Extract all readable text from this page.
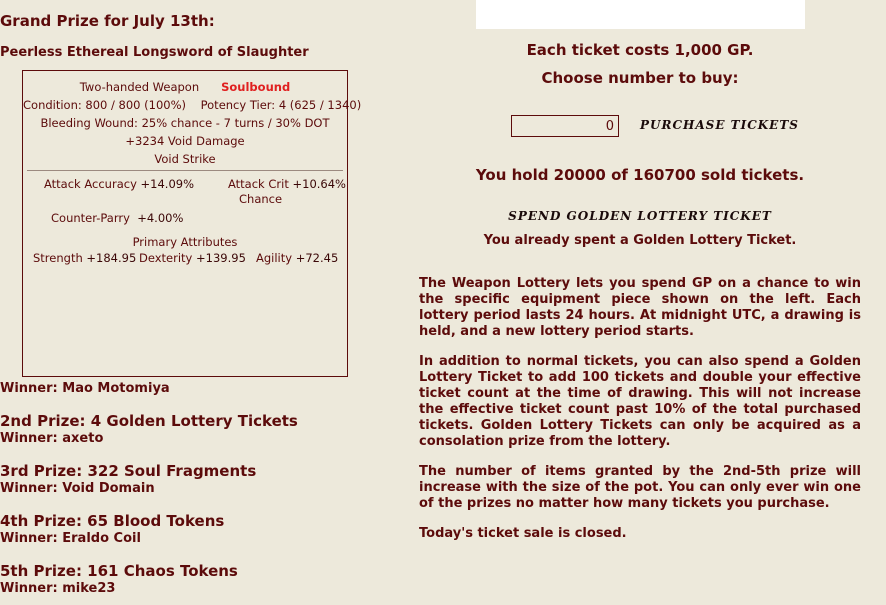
Grand Prize for July 13th:
Peerless Ethereal Longsword of Slaughter
Two-handed Weapon Soulbound
Condition: 800 / 800 (100%) Potency Tier: 4 (625 / 1340)
Bleeding Wound: 25% chance - 7 turns / 30% DOT
+3234 Void Damage
Void Strike
Attack Accuracy +14.09%	Attack Crit +10.64%
Chance
Counter-Parry +4.00%
Primary Attributes
Strength +184.95 Dexterity +139.95 Agility +72.45
Winner: Mao Motomiya
2nd Prize: 4 Golden Lottery Tickets
Winner: axeto
3rd Prize: 322 Soul Fragments
Winner: Void Domain
4th Prize: 65 Blood Tokens
Winner: Eraldo Coil
5th Prize: 161 Chaos Tokens
Winner: mike23
Each ticket costs 1,000 GP.
Choose number to buy:
0
PURCHASE TICKETS
You hold 20000 of 160700 sold tickets.
SPEND GOLDEN LOTTERY TICKET
You already spent a Golden Lottery Ticket.

The Weapon Lottery lets you spend GP on a chance to win the specific equipment piece shown on the left. Each lottery period lasts 24 hours. At midnight UTC, a drawing is held, and a new lottery period starts.

In addition to normal tickets, you can also spend a Golden Lottery Ticket to add 100 tickets and double your effective ticket count at the time of drawing. This will not increase the effective ticket count past 10% of the total purchased tickets. Golden Lottery Tickets can only be acquired as a consolation prize from the lottery.

The number of items granted by the 2nd-5th prize will increase with the size of the pot. You can only ever win one of the prizes no matter how many tickets you purchase.

Today's ticket sale is closed.
